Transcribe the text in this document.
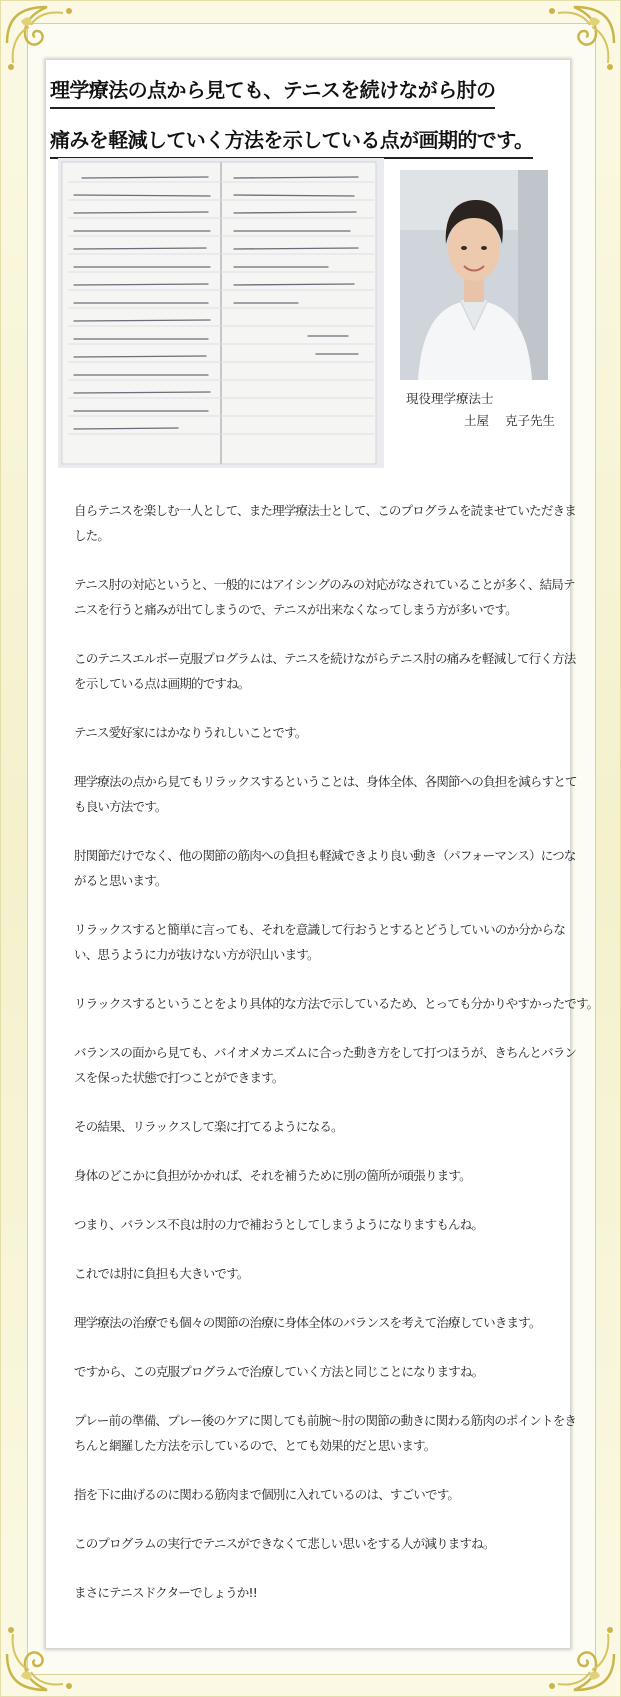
理学療法の点から見ても、テニスを続けながら肘の
痛みを軽減していく方法を示している点が画期的です。
現役理学療法士
土屋 克子先生

自らテニスを楽しむ一人として、また理学療法士として、このプログラムを読ませていただきました。

テニス肘の対応というと、一般的にはアイシングのみの対応がなされていることが多く、結局テニスを行うと痛みが出てしまうので、テニスが出来なくなってしまう方が多いです。

このテニスエルボー克服プログラムは、テニスを続けながらテニス肘の痛みを軽減して行く方法を示している点は画期的ですね。

テニス愛好家にはかなりうれしいことです。

理学療法の点から見てもリラックスするということは、身体全体、各関節への負担を減らすとても良い方法です。

肘関節だけでなく、他の関節の筋肉への負担も軽減できより良い動き（パフォーマンス）につながると思います。

リラックスすると簡単に言っても、それを意識して行おうとするとどうしていいのか分からない、思うように力が抜けない方が沢山います。

リラックスするということをより具体的な方法で示しているため、とっても分かりやすかったです。

バランスの面から見ても、バイオメカニズムに合った動き方をして打つほうが、きちんとバランスを保った状態で打つことができます。

その結果、リラックスして楽に打てるようになる。

身体のどこかに負担がかかれば、それを補うために別の箇所が頑張ります。

つまり、バランス不良は肘の力で補おうとしてしまうようになりますもんね。

これでは肘に負担も大きいです。

理学療法の治療でも個々の関節の治療に身体全体のバランスを考えて治療していきます。

ですから、この克服プログラムで治療していく方法と同じことになりますね。

プレー前の準備、プレー後のケアに関しても前腕～肘の関節の動きに関わる筋肉のポイントをきちんと網羅した方法を示しているので、とても効果的だと思います。

指を下に曲げるのに関わる筋肉まで個別に入れているのは、すごいです。

このプログラムの実行でテニスができなくて悲しい思いをする人が減りますね。

まさにテニスドクターでしょうか!!
